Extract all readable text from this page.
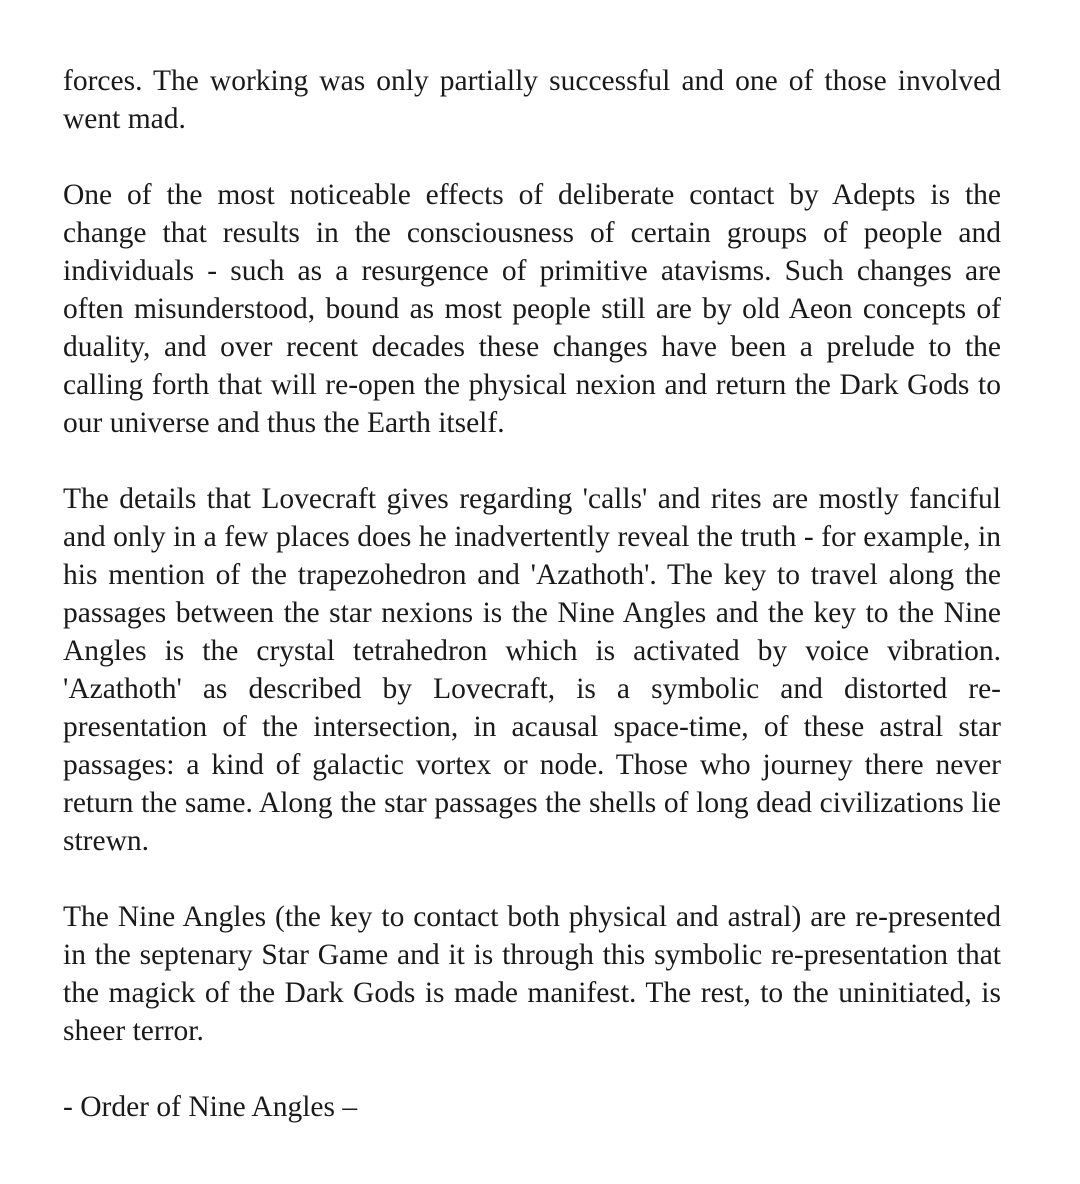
forces. The working was only partially successful and one of those involved went mad.

One of the most noticeable effects of deliberate contact by Adepts is the change that results in the consciousness of certain groups of people and individuals - such as a resurgence of primitive atavisms. Such changes are often misunderstood, bound as most people still are by old Aeon concepts of duality, and over recent decades these changes have been a prelude to the calling forth that will re-open the physical nexion and return the Dark Gods to our universe and thus the Earth itself.

The details that Lovecraft gives regarding 'calls' and rites are mostly fanciful and only in a few places does he inadvertently reveal the truth - for example, in his mention of the trapezohedron and 'Azathoth'. The key to travel along the passages between the star nexions is the Nine Angles and the key to the Nine Angles is the crystal tetrahedron which is activated by voice vibration. 'Azathoth' as described by Lovecraft, is a symbolic and distorted re-presentation of the intersection, in acausal space-time, of these astral star passages: a kind of galactic vortex or node. Those who journey there never return the same. Along the star passages the shells of long dead civilizations lie strewn.

The Nine Angles (the key to contact both physical and astral) are re-presented in the septenary Star Game and it is through this symbolic re-presentation that the magick of the Dark Gods is made manifest. The rest, to the uninitiated, is sheer terror.

- Order of Nine Angles –
